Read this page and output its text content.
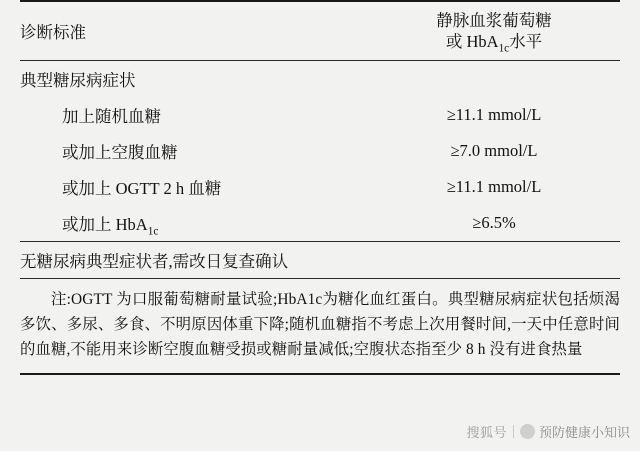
诊断标准	静脉血浆葡萄糖
或 HbA$_{1c}$水平

典型糖尿病症状	
加上随机血糖	≥11.1 mmol/L
或加上空腹血糖	≥7.0 mmol/L
或加上 OGTT 2 h 血糖	≥11.1 mmol/L
或加上 HbA$_{1c}$	≥6.5%
无糖尿病典型症状者,需改日复查确认	

注:OGTT 为口服葡萄糖耐量试验;HbA1c为糖化血红蛋白。典型糖尿病症状包括烦渴多饮、多尿、多食、不明原因体重下降;随机血糖指不考虑上次用餐时间,一天中任意时间的血糖,不能用来诊断空腹血糖受损或糖耐量减低;空腹状态指至少 8 h 没有进食热量
搜狐号 预防健康小知识
